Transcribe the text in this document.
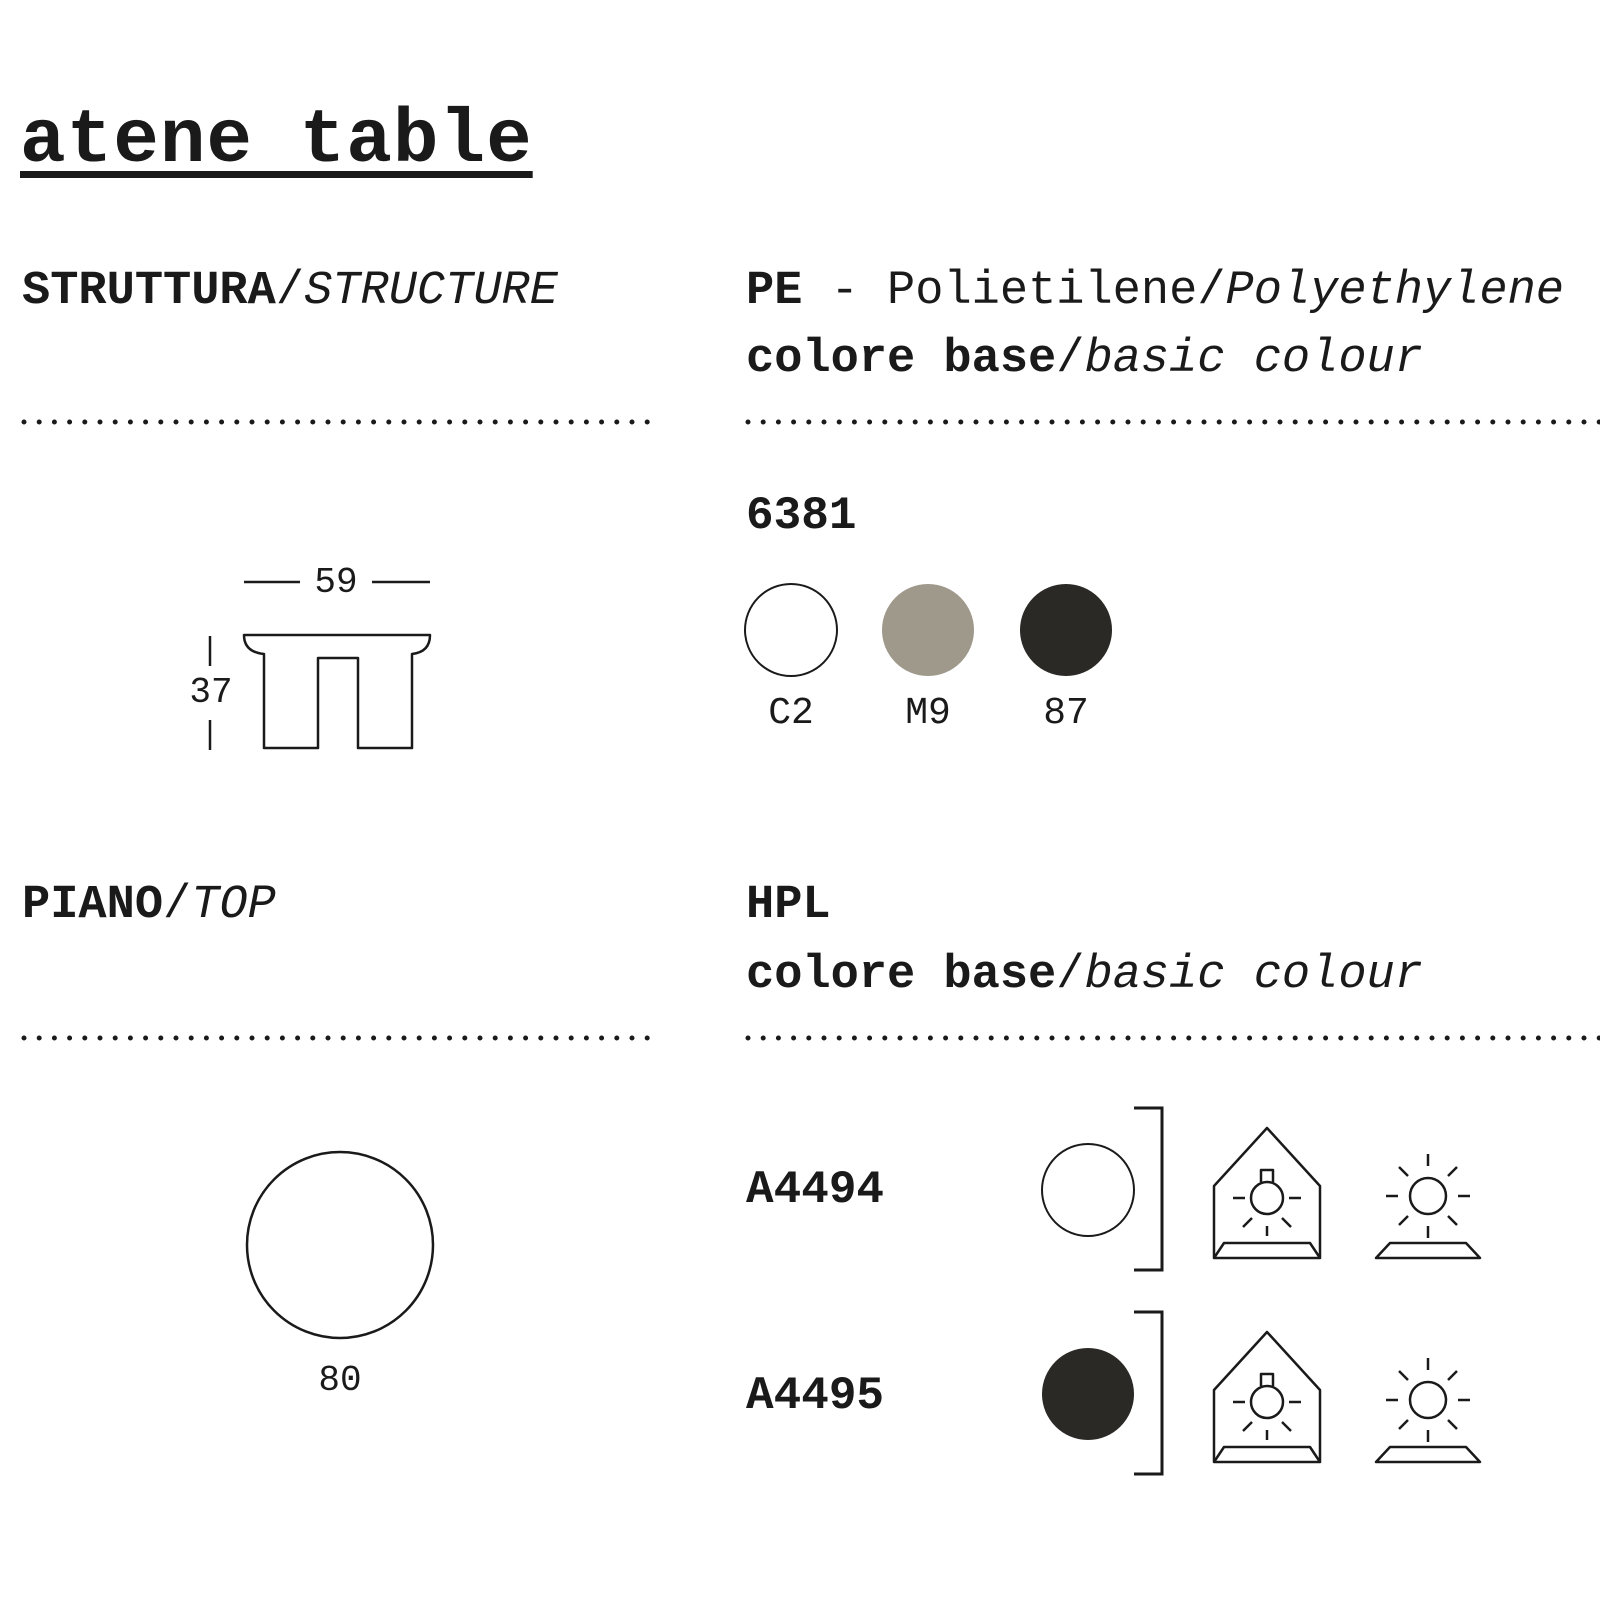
atene table
STRUTTURA/STRUCTURE	PE - Polietilene/Polyethylene
colore base/basic colour
59
37
6381
C2	M9	87
PIANO/TOP	HPL
colore base/basic colour
80
A4494
A4495
